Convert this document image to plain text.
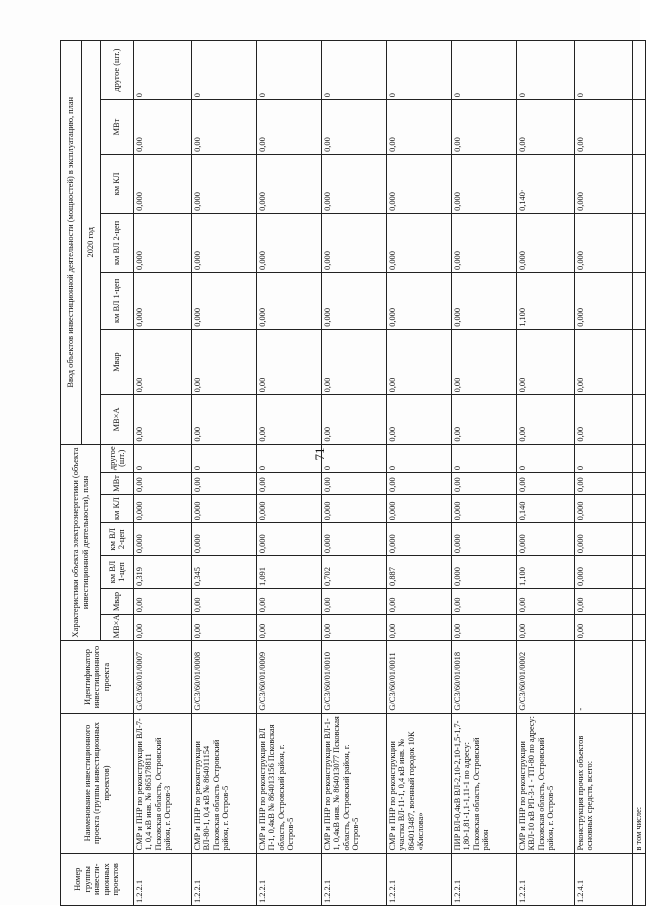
71
Номер группы инвести-ционных проектов	Наименование инвестиционного проекта (группы инвестиционных проектов)	Идентификатор инвестиционного проекта	Характеристики объекта электроэнергетики (объекта инвестиционной деятельности), план							Ввод объектов инвестиционной деятельности (мощностей) в эксплуатацию, план						
										2020 год						
			МВ×А	Мвар	км ВЛ 1-цеп	км ВЛ 2-цеп	км КЛ	МВт	другое (шт.)	МВ×А	Мвар	км ВЛ 1-цеп	км ВЛ 2-цеп	км КЛ	МВт	другое (шт.)
1.2.2.1	СМР и ПНР по реконструкции ВЛ-7-1, 0,4 кВ инв. № 865178811 Псковская область, Островский район, г. Остров-3	G/C3/60/01/0007	0,00	0,00	0,319	0,000	0,000	0,00	0	0,00	0,00	0,000	0,000	0,000	0,00	0
1.2.2.1	СМР и ПНР по реконструкции ВЛ-80-1, 0,4 кВ № 864011154 Псковская область Островский район, г. Остров-5	G/C3/60/01/0008	0,00	0,00	0,345	0,000	0,000	0,00	0	0,00	0,00	0,000	0,000	0,000	0,00	0
1.2.2.1	СМР и ПНР по реконструкции ВЛ П-1, 0,4кВ № 864013156 Псковская область, Островский район, г. Остров-5	G/C3/60/01/0009	0,00	0,00	1,091	0,000	0,000	0,00	0	0,00	0,00	0,000	0,000	0,000	0,00	0
1.2.2.1	СМР и ПНР по реконструкции ВЛ-1-1, 0,4кВ инв. № 864013077 Псковская область, Островский район, г. Остров-5	G/C3/60/01/0010	0,00	0,00	0,702	0,000	0,000	0,00	0	0,00	0,00	0,000	0,000	0,000	0,00	0
1.2.2.1	СМР и ПНР по реконструкции участка ВЛ-11-1, 0,4 кВ инв. № 864013487, военный городок 10К «Кислова»	G/C3/60/01/0011	0,00	0,00	0,887	0,000	0,000	0,00	0	0,00	0,00	0,000	0,000	0,000	0,00	0
1.2.2.1	ПИР ВЛ-0,4кВ ВЛ-2,10-2,10-1,5-1,7-1,80-1,81-1,1-1,11-1 по адресу: Псковская область, Островский район	G/C3/60/01/0018	0,00	0,00	0,000	0,000	0,000	0,00	0	0,00	0,00	0,000	0,000	0,000	0,00	0
1.2.2.1	СМР и ПНР по реконструкции КВЛ-10 кВ РП-3-1 - ТП-80 по адресу: Псковская область, Островский район, г. Остров-5	G/C3/60/01/0002	0,00	0,00	1,100	0,000	0,140	0,00	0	0,00	0,00	1,100	0,000	0,140·	0,00	0
1.2.4.1	Реконструкция прочих объектов основных средств, всего:	-	0,00	0,00	0,000	0,000	0,000	0,00	0	0,00	0,00	0,000	0,000	0,000	0,00	0
	в том числе:															
